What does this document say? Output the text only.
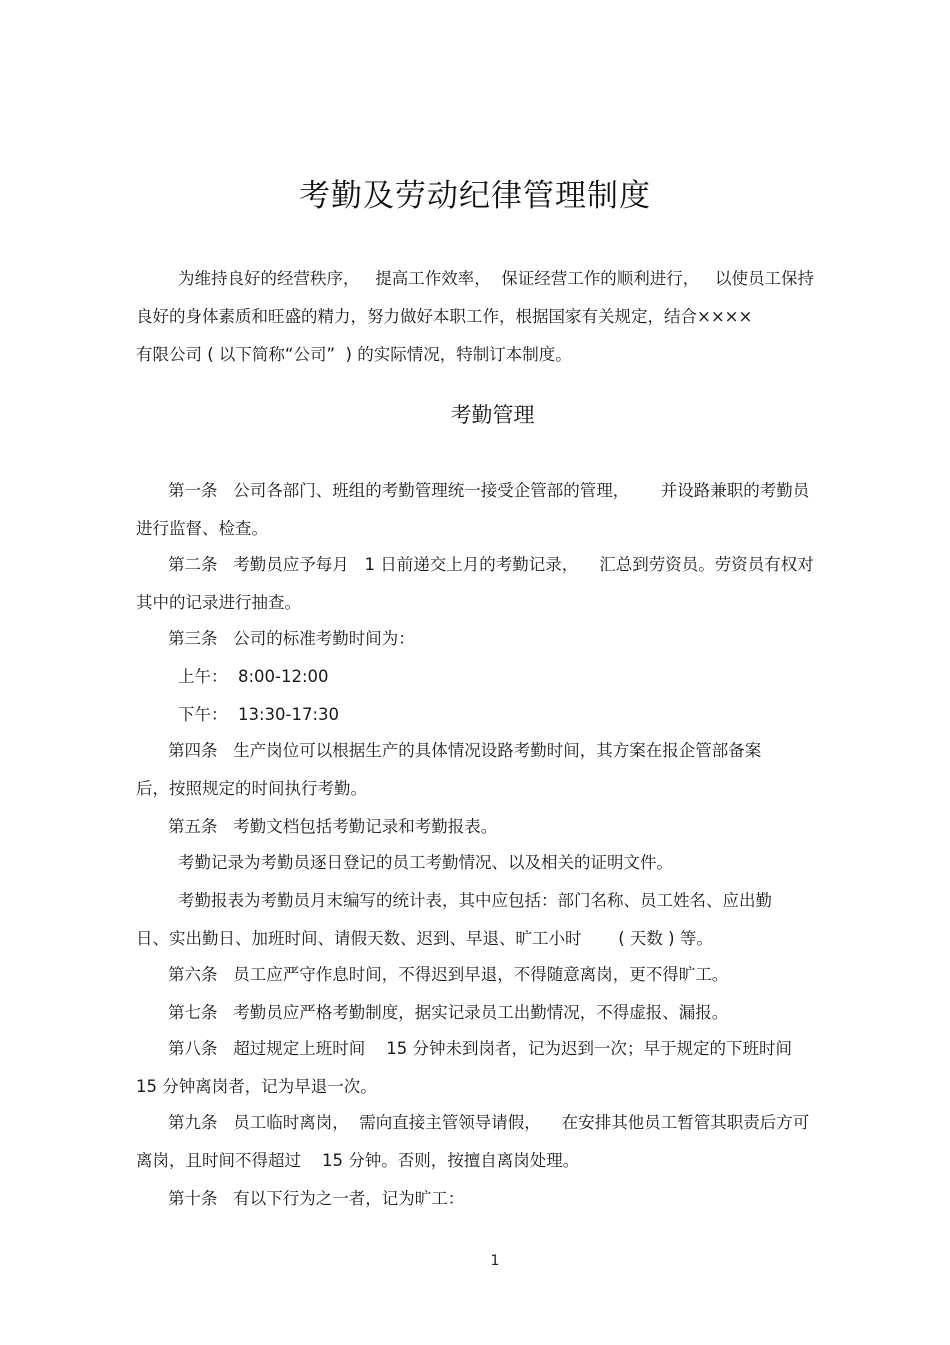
考勤及劳动纪律管理制度
为维持良好的经营秩序，   提高工作效率，  保证经营工作的顺利进行，   以使员工保持
良好的身体素质和旺盛的精力，努力做好本职工作，根据国家有关规定，结合××××
有限公司 ( 以下简称“公司”  ) 的实际情况，特制订本制度。
考勤管理
第一条   公司各部门、班组的考勤管理统一接受企管部的管理，      并设路兼职的考勤员
进行监督、检查。
第二条   考勤员应予每月   1 日前递交上月的考勤记录，    汇总到劳资员。劳资员有权对
其中的记录进行抽查。
第三条   公司的标准考勤时间为：
上午：  8:00-12:00
下午：  13:30-17:30
第四条   生产岗位可以根据生产的具体情况设路考勤时间，其方案在报企管部备案
后，按照规定的时间执行考勤。
第五条   考勤文档包括考勤记录和考勤报表。
考勤记录为考勤员逐日登记的员工考勤情况、以及相关的证明文件。
考勤报表为考勤员月末编写的统计表，其中应包括：部门名称、员工姓名、应出勤
日、实出勤日、加班时间、请假天数、迟到、早退、旷工小时       ( 天数 ) 等。
第六条   员工应严守作息时间，不得迟到早退，不得随意离岗，更不得旷工。
第七条   考勤员应严格考勤制度，据实记录员工出勤情况，不得虚报、漏报。
第八条   超过规定上班时间    15 分钟未到岗者，记为迟到一次；早于规定的下班时间
15 分钟离岗者，记为早退一次。
第九条   员工临时离岗，  需向直接主管领导请假，    在安排其他员工暂管其职责后方可
离岗，且时间不得超过    15 分钟。否则，按擅自离岗处理。
第十条   有以下行为之一者，记为旷工：
1
